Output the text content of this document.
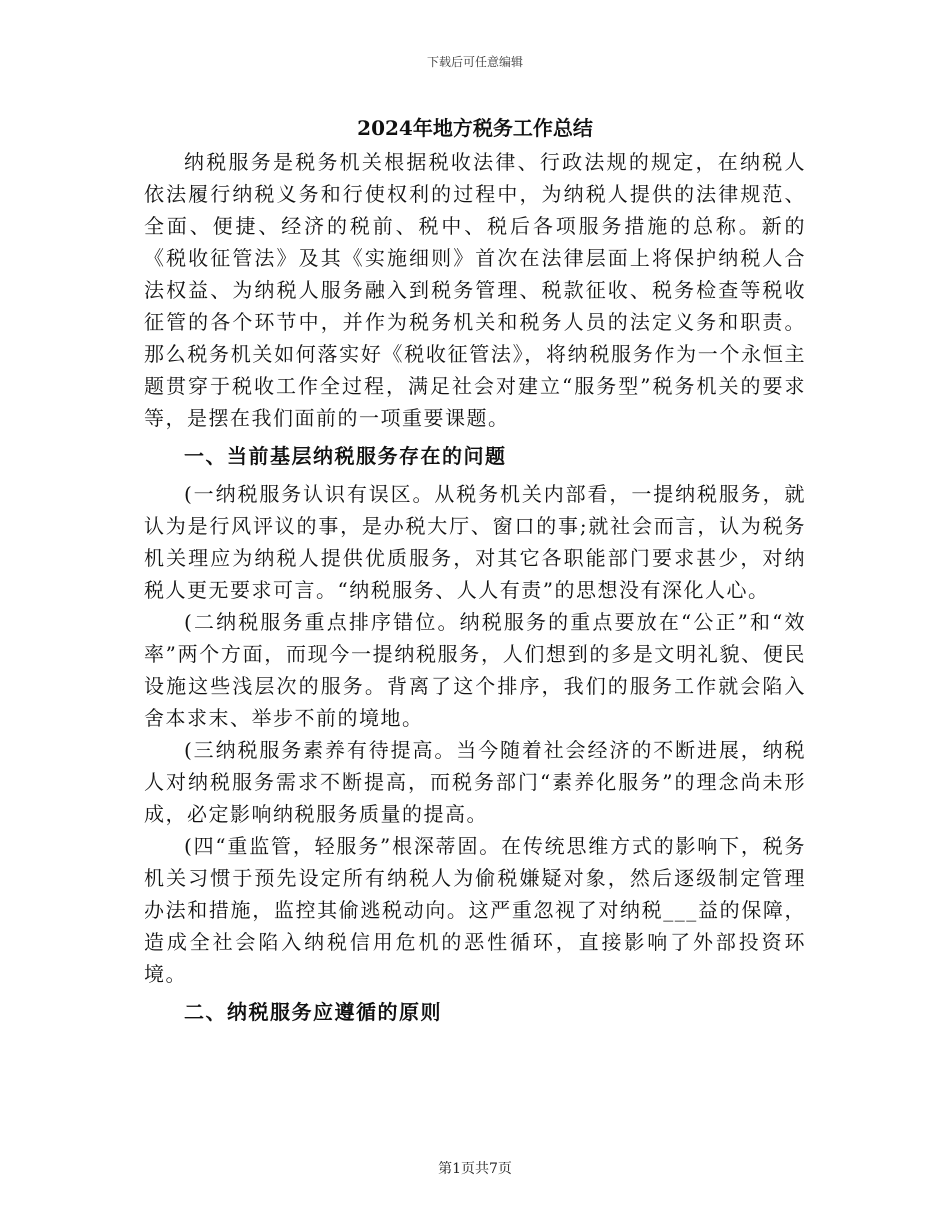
下载后可任意编辑
2024年地方税务工作总结

纳税服务是税务机关根据税收法律、行政法规的规定，在纳税人依法履行纳税义务和行使权利的过程中，为纳税人提供的法律规范、全面、便捷、经济的税前、税中、税后各项服务措施的总称。新的《税收征管法》及其《实施细则》首次在法律层面上将保护纳税人合法权益、为纳税人服务融入到税务管理、税款征收、税务检查等税收征管的各个环节中，并作为税务机关和税务人员的法定义务和职责。那么税务机关如何落实好《税收征管法》，将纳税服务作为一个永恒主题贯穿于税收工作全过程，满足社会对建立“服务型”税务机关的要求等，是摆在我们面前的一项重要课题。

一、当前基层纳税服务存在的问题

(一纳税服务认识有误区。从税务机关内部看，一提纳税服务，就认为是行风评议的事，是办税大厅、窗口的事;就社会而言，认为税务机关理应为纳税人提供优质服务，对其它各职能部门要求甚少，对纳税人更无要求可言。“纳税服务、人人有责”的思想没有深化人心。

(二纳税服务重点排序错位。纳税服务的重点要放在“公正”和“效率”两个方面，而现今一提纳税服务，人们想到的多是文明礼貌、便民设施这些浅层次的服务。背离了这个排序，我们的服务工作就会陷入舍本求末、举步不前的境地。

(三纳税服务素养有待提高。当今随着社会经济的不断进展，纳税人对纳税服务需求不断提高，而税务部门“素养化服务”的理念尚未形成，必定影响纳税服务质量的提高。

(四“重监管，轻服务”根深蒂固。在传统思维方式的影响下，税务机关习惯于预先设定所有纳税人为偷税嫌疑对象，然后逐级制定管理办法和措施，监控其偷逃税动向。这严重忽视了对纳税___益的保障，造成全社会陷入纳税信用危机的恶性循环，直接影响了外部投资环境。

二、纳税服务应遵循的原则
第1页共7页
